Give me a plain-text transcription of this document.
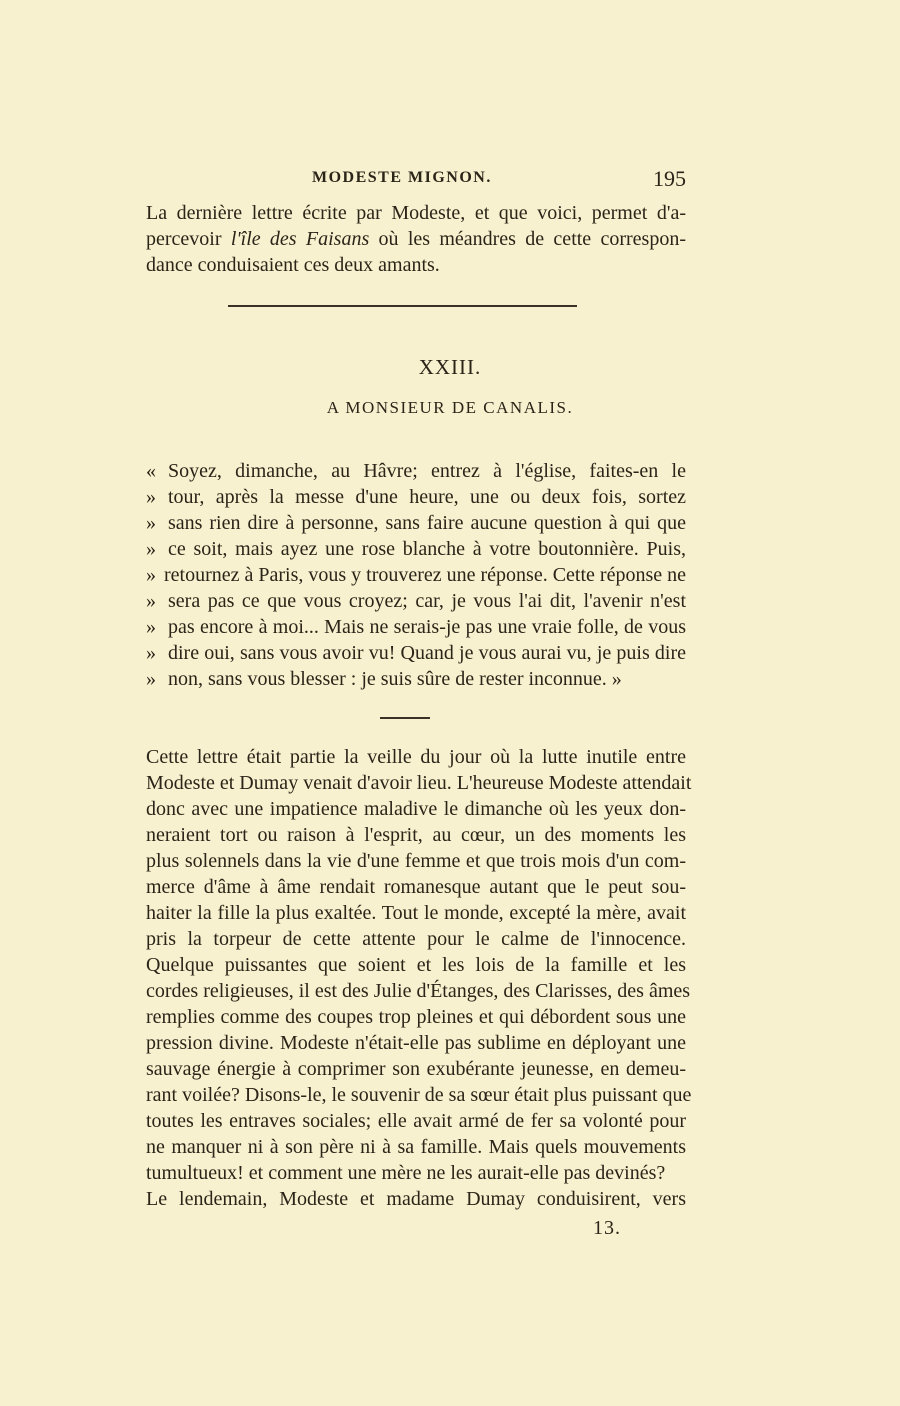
MODESTE MIGNON.	195
La dernière lettre écrite par Modeste, et que voici, permet d'a-
percevoir l'île des Faisans où les méandres de cette correspon-
dance conduisaient ces deux amants.
XXIII.
A MONSIEUR DE CANALIS.
« Soyez, dimanche, au Hâvre; entrez à l'église, faites-en le
» tour, après la messe d'une heure, une ou deux fois, sortez
» sans rien dire à personne, sans faire aucune question à qui que
» ce soit, mais ayez une rose blanche à votre boutonnière. Puis,
» retournez à Paris, vous y trouverez une réponse. Cette réponse ne
» sera pas ce que vous croyez; car, je vous l'ai dit, l'avenir n'est
» pas encore à moi... Mais ne serais-je pas une vraie folle, de vous
» dire oui, sans vous avoir vu! Quand je vous aurai vu, je puis dire
» non, sans vous blesser : je suis sûre de rester inconnue. »
Cette lettre était partie la veille du jour où la lutte inutile entre
Modeste et Dumay venait d'avoir lieu. L'heureuse Modeste attendait
donc avec une impatience maladive le dimanche où les yeux don-
neraient tort ou raison à l'esprit, au cœur, un des moments les
plus solennels dans la vie d'une femme et que trois mois d'un com-
merce d'âme à âme rendait romanesque autant que le peut sou-
haiter la fille la plus exaltée. Tout le monde, excepté la mère, avait
pris la torpeur de cette attente pour le calme de l'innocence.
Quelque puissantes que soient et les lois de la famille et les
cordes religieuses, il est des Julie d'Étanges, des Clarisses, des âmes
remplies comme des coupes trop pleines et qui débordent sous une
pression divine. Modeste n'était-elle pas sublime en déployant une
sauvage énergie à comprimer son exubérante jeunesse, en demeu-
rant voilée? Disons-le, le souvenir de sa sœur était plus puissant que
toutes les entraves sociales; elle avait armé de fer sa volonté pour
ne manquer ni à son père ni à sa famille. Mais quels mouvements
tumultueux! et comment une mère ne les aurait-elle pas devinés?
Le lendemain, Modeste et madame Dumay conduisirent, vers
13.
